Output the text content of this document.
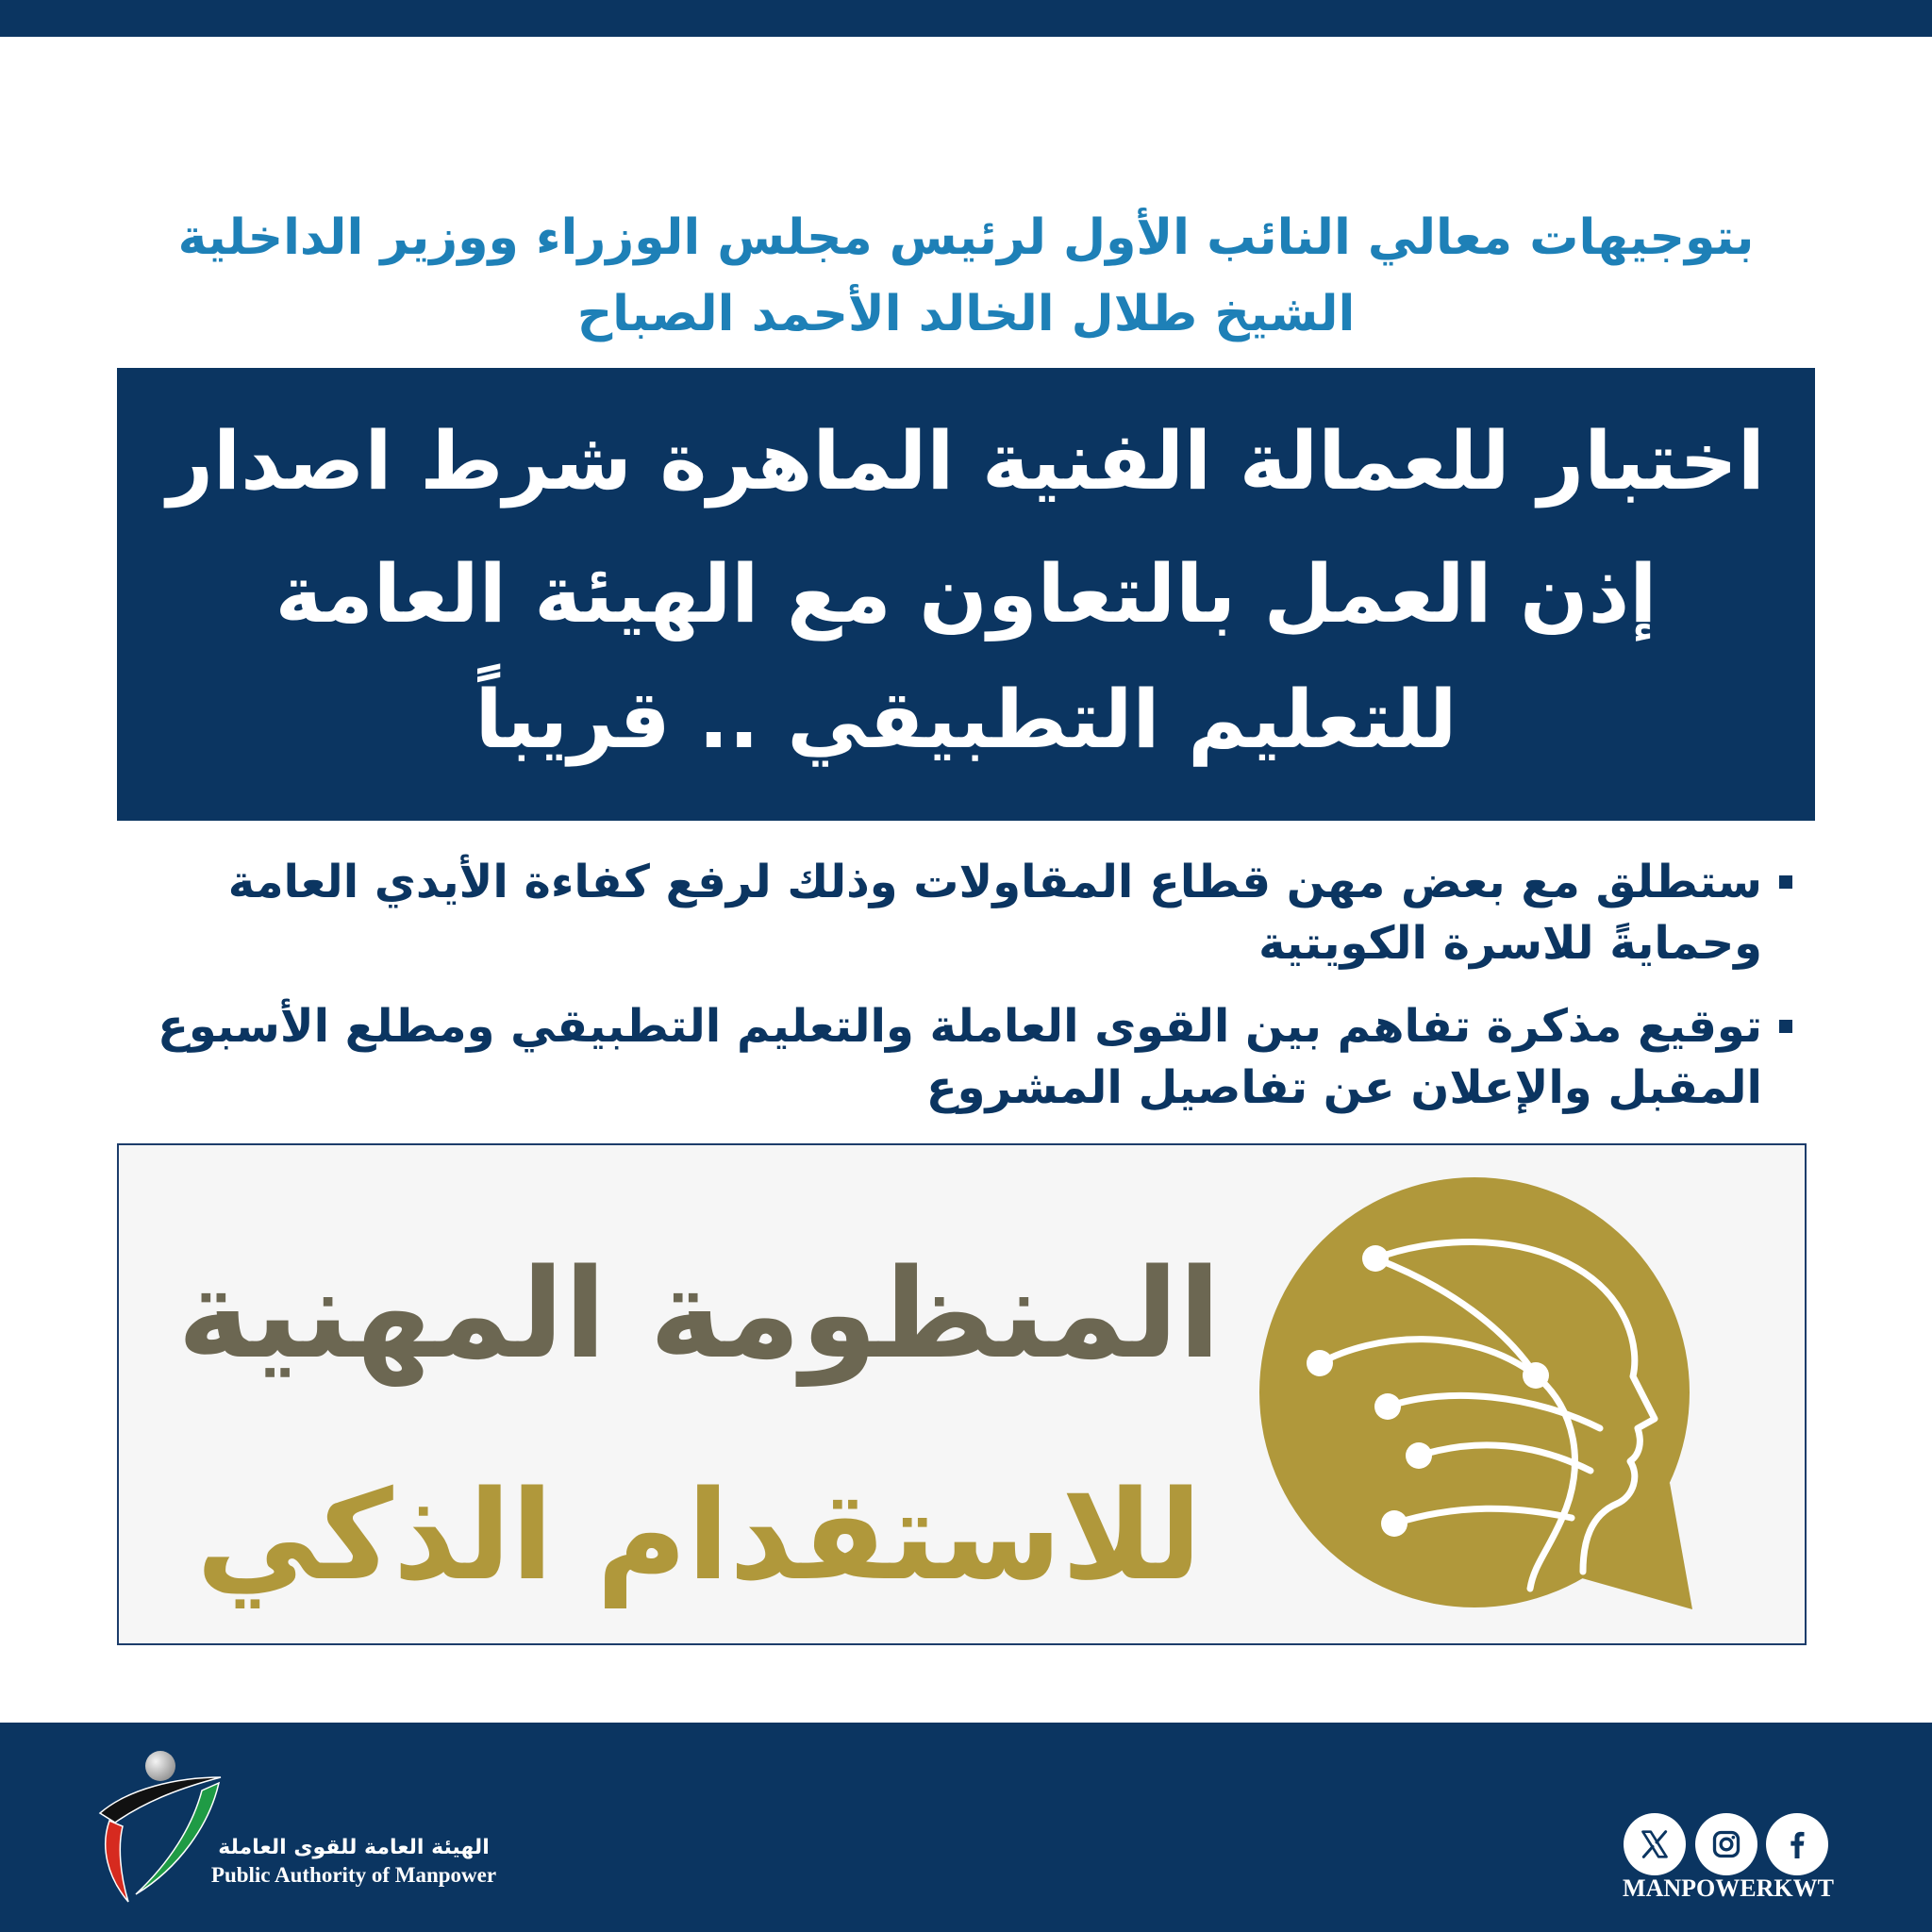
بتوجيهات معالي النائب الأول لرئيس مجلس الوزراء ووزير الداخلية
الشيخ طلال الخالد الأحمد الصباح
اختبار للعمالة الفنية الماهرة شرط اصدار
إذن العمل بالتعاون مع الهيئة العامة
للتعليم التطبيقي .. قريباً
ستطلق مع بعض مهن قطاع المقاولات وذلك لرفع كفاءة الأيدي العامة
وحمايةً للاسرة الكويتية
توقيع مذكرة تفاهم بين القوى العاملة والتعليم التطبيقي ومطلع الأسبوع
المقبل والإعلان عن تفاصيل المشروع
المنظومة المهنية
للاستقدام الذكي
الهيئة العامة للقوى العاملة
Public Authority of Manpower	MANPOWERKWT
